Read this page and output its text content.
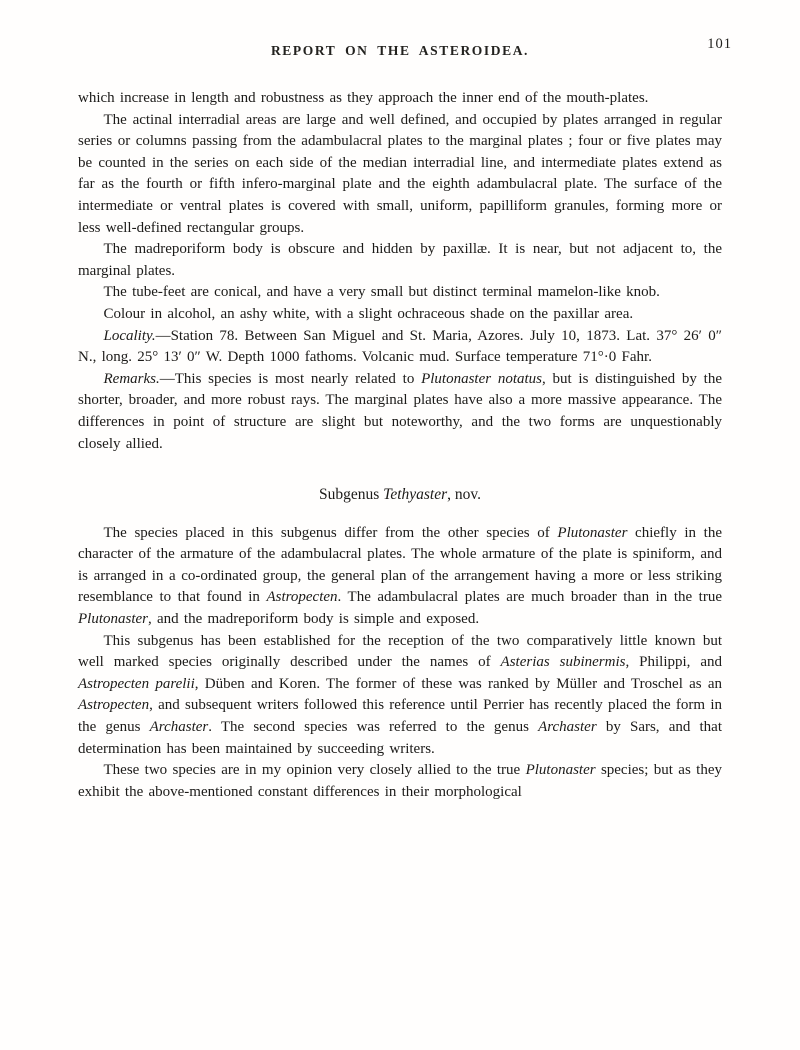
REPORT ON THE ASTEROIDEA.	101

which increase in length and robustness as they approach the inner end of the mouth-plates.

The actinal interradial areas are large and well defined, and occupied by plates arranged in regular series or columns passing from the adambulacral plates to the marginal plates ; four or five plates may be counted in the series on each side of the median interradial line, and intermediate plates extend as far as the fourth or fifth infero-marginal plate and the eighth adambulacral plate. The surface of the intermediate or ventral plates is covered with small, uniform, papilliform granules, forming more or less well-defined rectangular groups.

The madreporiform body is obscure and hidden by paxillæ. It is near, but not adjacent to, the marginal plates.

The tube-feet are conical, and have a very small but distinct terminal mamelon-like knob.

Colour in alcohol, an ashy white, with a slight ochraceous shade on the paxillar area.

Locality.—Station 78. Between San Miguel and St. Maria, Azores. July 10, 1873. Lat. 37° 26′ 0″ N., long. 25° 13′ 0″ W. Depth 1000 fathoms. Volcanic mud. Surface temperature 71°·0 Fahr.

Remarks.—This species is most nearly related to Plutonaster notatus, but is distinguished by the shorter, broader, and more robust rays. The marginal plates have also a more massive appearance. The differences in point of structure are slight but noteworthy, and the two forms are unquestionably closely allied.

Subgenus Tethyaster, nov.

The species placed in this subgenus differ from the other species of Plutonaster chiefly in the character of the armature of the adambulacral plates. The whole armature of the plate is spiniform, and is arranged in a co-ordinated group, the general plan of the arrangement having a more or less striking resemblance to that found in Astropecten. The adambulacral plates are much broader than in the true Plutonaster, and the madreporiform body is simple and exposed.

This subgenus has been established for the reception of the two comparatively little known but well marked species originally described under the names of Asterias subinermis, Philippi, and Astropecten parelii, Düben and Koren. The former of these was ranked by Müller and Troschel as an Astropecten, and subsequent writers followed this reference until Perrier has recently placed the form in the genus Archaster. The second species was referred to the genus Archaster by Sars, and that determination has been maintained by succeeding writers.

These two species are in my opinion very closely allied to the true Plutonaster species; but as they exhibit the above-mentioned constant differences in their morphological
